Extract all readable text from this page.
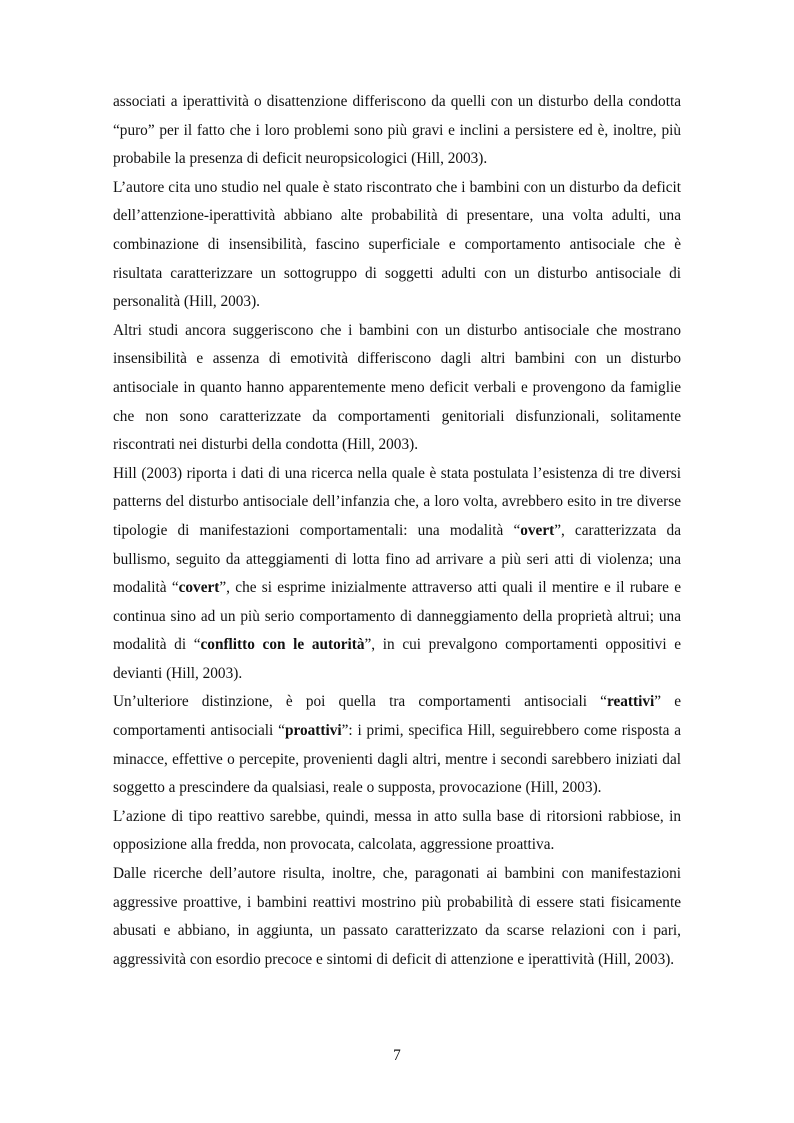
associati a iperattività o disattenzione differiscono da quelli con un disturbo della condotta “puro” per il fatto che i loro problemi sono più gravi e inclini a persistere ed è, inoltre, più probabile la presenza di deficit neuropsicologici (Hill, 2003).

L’autore cita uno studio nel quale è stato riscontrato che i bambini con un disturbo da deficit dell’attenzione-iperattività abbiano alte probabilità di presentare, una volta adulti, una combinazione di insensibilità, fascino superficiale e comportamento antisociale che è risultata caratterizzare un sottogruppo di soggetti adulti con un disturbo antisociale di personalità (Hill, 2003).

Altri studi ancora suggeriscono che i bambini con un disturbo antisociale che mostrano insensibilità e assenza di emotività differiscono dagli altri bambini con un disturbo antisociale in quanto hanno apparentemente meno deficit verbali e provengono da famiglie che non sono caratterizzate da comportamenti genitoriali disfunzionali, solitamente riscontrati nei disturbi della condotta (Hill, 2003).

Hill (2003) riporta i dati di una ricerca nella quale è stata postulata l’esistenza di tre diversi patterns del disturbo antisociale dell’infanzia che, a loro volta, avrebbero esito in tre diverse tipologie di manifestazioni comportamentali: una modalità “overt”, caratterizzata da bullismo, seguito da atteggiamenti di lotta fino ad arrivare a più seri atti di violenza; una modalità “covert”, che si esprime inizialmente attraverso atti quali il mentire e il rubare e continua sino ad un più serio comportamento di danneggiamento della proprietà altrui; una modalità di “conflitto con le autorità”, in cui prevalgono comportamenti oppositivi e devianti (Hill, 2003).

Un’ulteriore distinzione, è poi quella tra comportamenti antisociali “reattivi” e comportamenti antisociali “proattivi”: i primi, specifica Hill, seguirebbero come risposta a minacce, effettive o percepite, provenienti dagli altri, mentre i secondi sarebbero iniziati dal soggetto a prescindere da qualsiasi, reale o supposta, provocazione (Hill, 2003).

L’azione di tipo reattivo sarebbe, quindi, messa in atto sulla base di ritorsioni rabbiose, in opposizione alla fredda, non provocata, calcolata, aggressione proattiva.

Dalle ricerche dell’autore risulta, inoltre, che, paragonati ai bambini con manifestazioni aggressive proattive, i bambini reattivi mostrino più probabilità di essere stati fisicamente abusati e abbiano, in aggiunta, un passato caratterizzato da scarse relazioni con i pari, aggressività con esordio precoce e sintomi di deficit di attenzione e iperattività (Hill, 2003).

7
